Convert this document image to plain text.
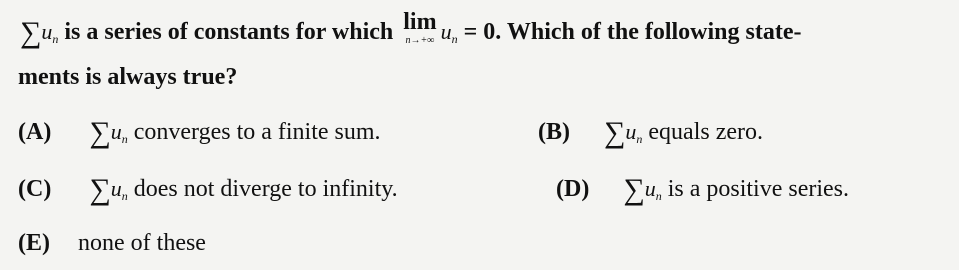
$\sum u_n$ is a series of constants for which lim
n→+∞ $u_n = 0$. Which of the following state-
ments is always true?
(A) $\sum u_n$ converges to a finite sum.	(B) $\sum u_n$ equals zero.
(C) $\sum u_n$ does not diverge to infinity.	(D) $\sum u_n$ is a positive series.
(E) none of these
